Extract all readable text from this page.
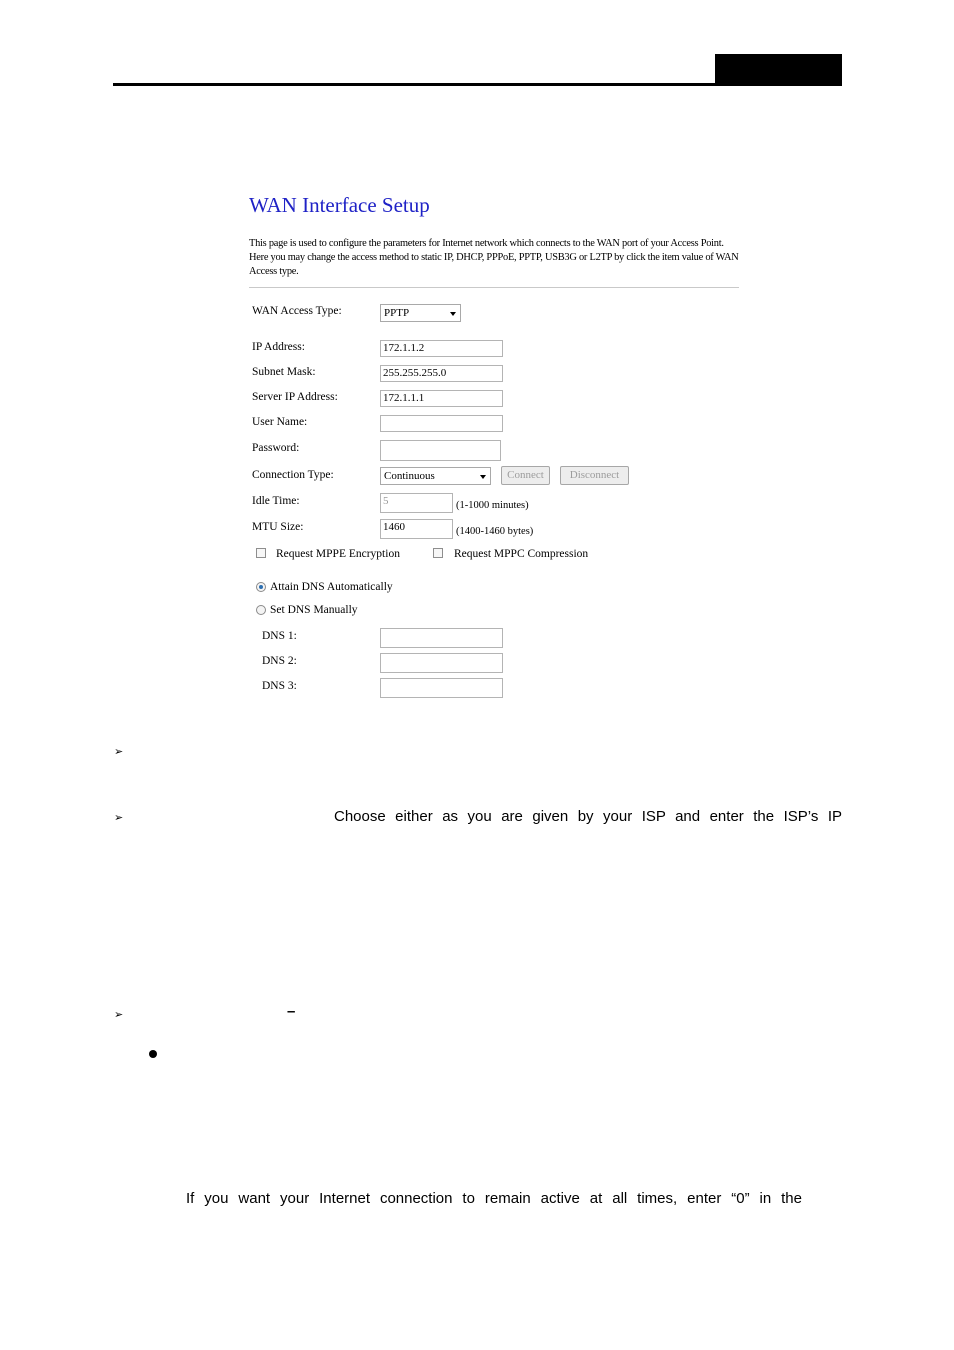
WAN Interface Setup
This page is used to configure the parameters for Internet network which connects to the WAN port of your Access Point. Here you may change the access method to static IP, DHCP, PPPoE, PPTP, USB3G or L2TP by click the item value of WAN Access type.
WAN Access Type:	PPTP
IP Address:	172.1.1.2
Subnet Mask:	255.255.255.0
Server IP Address:	172.1.1.1
User Name:
Password:
Connection Type:	Continuous	Connect	Disconnect
Idle Time:	5	(1-1000 minutes)
MTU Size:	1460	(1400-1460 bytes)
Request MPPE Encryption	Request MPPC Compression
Attain DNS Automatically
Set DNS Manually
DNS 1:
DNS 2:
DNS 3:
➢
➢	Choose either as you are given by your ISP and enter the ISP’s IP
➢	–
If you want your Internet connection to remain active at all times, enter “0” in the
